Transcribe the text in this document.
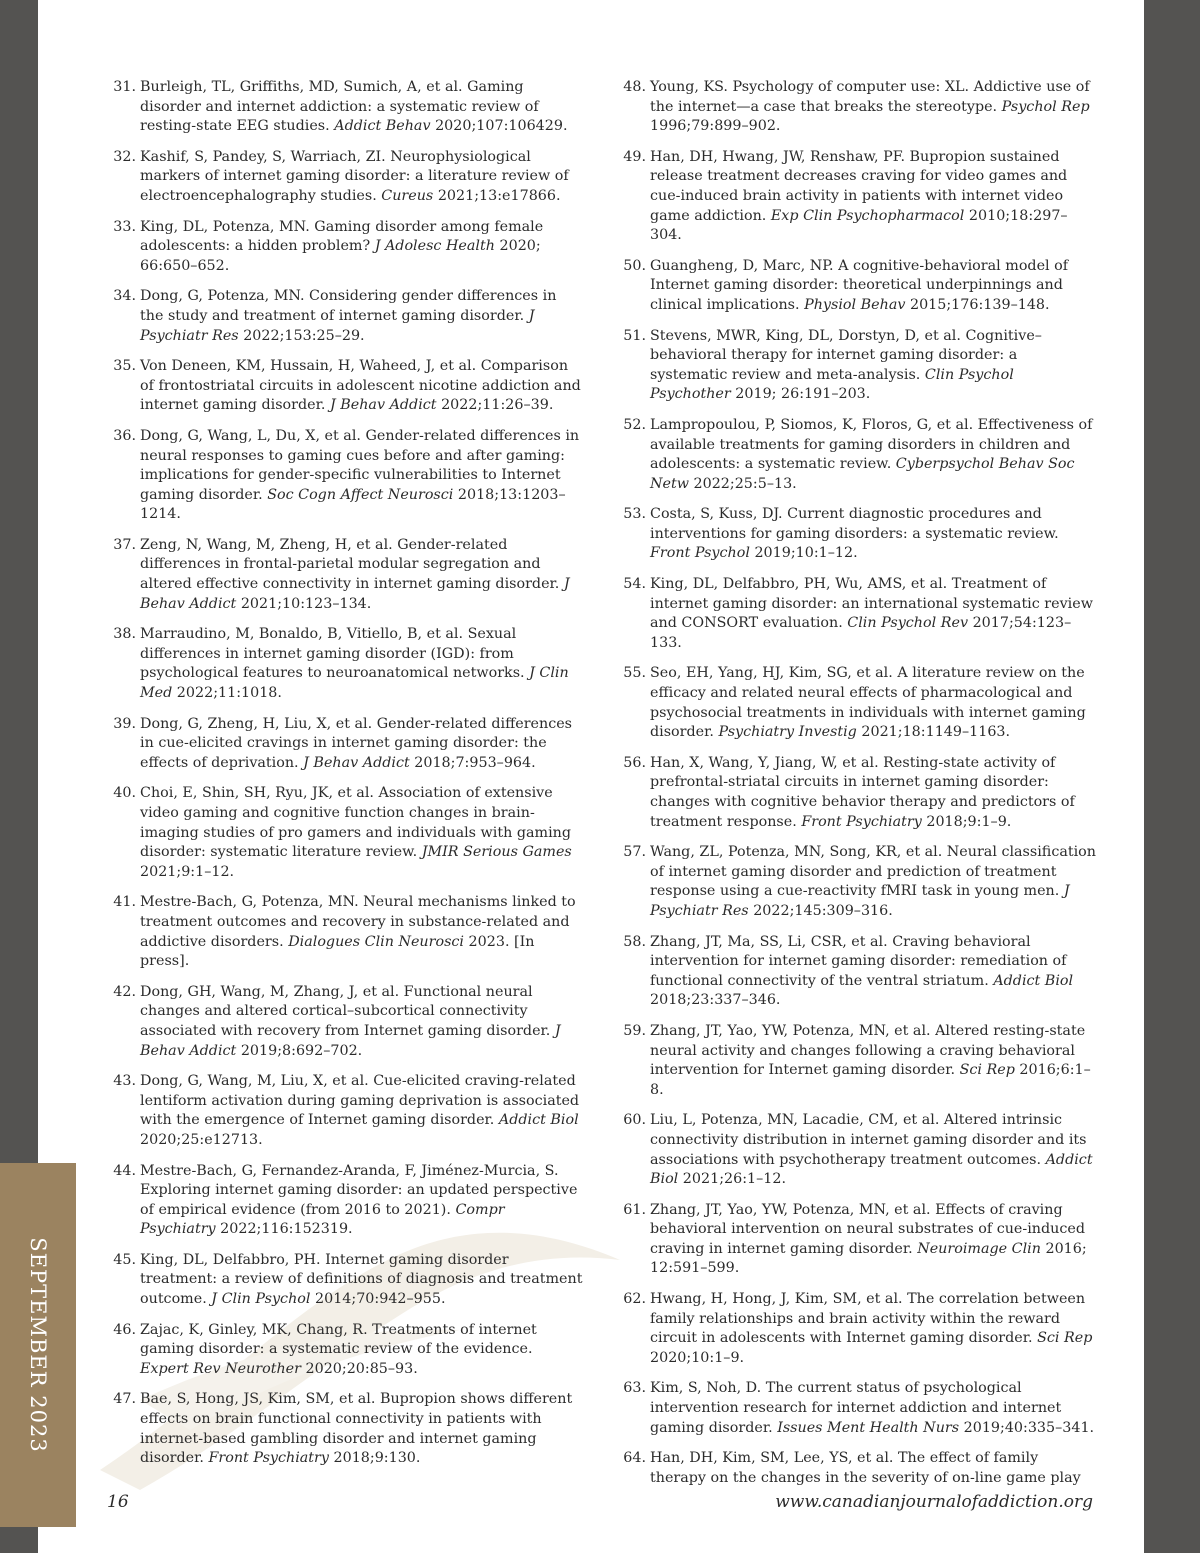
SEPTEMBER 2023
31. Burleigh, TL, Griffiths, MD, Sumich, A, et al. Gaming disorder and internet addiction: a systematic review of resting-state EEG studies. Addict Behav 2020;107:106429.
32. Kashif, S, Pandey, S, Warriach, ZI. Neurophysiological markers of internet gaming disorder: a literature review of electroencephalography studies. Cureus 2021;13:e17866.
33. King, DL, Potenza, MN. Gaming disorder among female adolescents: a hidden problem? J Adolesc Health 2020; 66:650–652.
34. Dong, G, Potenza, MN. Considering gender differences in the study and treatment of internet gaming disorder. J Psychiatr Res 2022;153:25–29.
35. Von Deneen, KM, Hussain, H, Waheed, J, et al. Comparison of frontostriatal circuits in adolescent nicotine addiction and internet gaming disorder. J Behav Addict 2022;11:26–39.
36. Dong, G, Wang, L, Du, X, et al. Gender-related differences in neural responses to gaming cues before and after gaming: implications for gender-specific vulnerabilities to Internet gaming disorder. Soc Cogn Affect Neurosci 2018;13:1203–1214.
37. Zeng, N, Wang, M, Zheng, H, et al. Gender-related differences in frontal-parietal modular segregation and altered effective connectivity in internet gaming disorder. J Behav Addict 2021;10:123–134.
38. Marraudino, M, Bonaldo, B, Vitiello, B, et al. Sexual differences in internet gaming disorder (IGD): from psychological features to neuroanatomical networks. J Clin Med 2022;11:1018.
39. Dong, G, Zheng, H, Liu, X, et al. Gender-related differences in cue-elicited cravings in internet gaming disorder: the effects of deprivation. J Behav Addict 2018;7:953–964.
40. Choi, E, Shin, SH, Ryu, JK, et al. Association of extensive video gaming and cognitive function changes in brain-imaging studies of pro gamers and individuals with gaming disorder: systematic literature review. JMIR Serious Games 2021;9:1–12.
41. Mestre-Bach, G, Potenza, MN. Neural mechanisms linked to treatment outcomes and recovery in substance-related and addictive disorders. Dialogues Clin Neurosci 2023. [In press].
42. Dong, GH, Wang, M, Zhang, J, et al. Functional neural changes and altered cortical–subcortical connectivity associated with recovery from Internet gaming disorder. J Behav Addict 2019;8:692–702.
43. Dong, G, Wang, M, Liu, X, et al. Cue-elicited craving-related lentiform activation during gaming deprivation is associated with the emergence of Internet gaming disorder. Addict Biol 2020;25:e12713.
44. Mestre-Bach, G, Fernandez-Aranda, F, Jiménez-Murcia, S. Exploring internet gaming disorder: an updated perspective of empirical evidence (from 2016 to 2021). Compr Psychiatry 2022;116:152319.
45. King, DL, Delfabbro, PH. Internet gaming disorder treatment: a review of definitions of diagnosis and treatment outcome. J Clin Psychol 2014;70:942–955.
46. Zajac, K, Ginley, MK, Chang, R. Treatments of internet gaming disorder: a systematic review of the evidence. Expert Rev Neurother 2020;20:85–93.
47. Bae, S, Hong, JS, Kim, SM, et al. Bupropion shows different effects on brain functional connectivity in patients with internet-based gambling disorder and internet gaming disorder. Front Psychiatry 2018;9:130.
48. Young, KS. Psychology of computer use: XL. Addictive use of the internet—a case that breaks the stereotype. Psychol Rep 1996;79:899–902.
49. Han, DH, Hwang, JW, Renshaw, PF. Bupropion sustained release treatment decreases craving for video games and cue-induced brain activity in patients with internet video game addiction. Exp Clin Psychopharmacol 2010;18:297–304.
50. Guangheng, D, Marc, NP. A cognitive-behavioral model of Internet gaming disorder: theoretical underpinnings and clinical implications. Physiol Behav 2015;176:139–148.
51. Stevens, MWR, King, DL, Dorstyn, D, et al. Cognitive–behavioral therapy for internet gaming disorder: a systematic review and meta-analysis. Clin Psychol Psychother 2019; 26:191–203.
52. Lampropoulou, P, Siomos, K, Floros, G, et al. Effectiveness of available treatments for gaming disorders in children and adolescents: a systematic review. Cyberpsychol Behav Soc Netw 2022;25:5–13.
53. Costa, S, Kuss, DJ. Current diagnostic procedures and interventions for gaming disorders: a systematic review. Front Psychol 2019;10:1–12.
54. King, DL, Delfabbro, PH, Wu, AMS, et al. Treatment of internet gaming disorder: an international systematic review and CONSORT evaluation. Clin Psychol Rev 2017;54:123–133.
55. Seo, EH, Yang, HJ, Kim, SG, et al. A literature review on the efficacy and related neural effects of pharmacological and psychosocial treatments in individuals with internet gaming disorder. Psychiatry Investig 2021;18:1149–1163.
56. Han, X, Wang, Y, Jiang, W, et al. Resting-state activity of prefrontal-striatal circuits in internet gaming disorder: changes with cognitive behavior therapy and predictors of treatment response. Front Psychiatry 2018;9:1–9.
57. Wang, ZL, Potenza, MN, Song, KR, et al. Neural classification of internet gaming disorder and prediction of treatment response using a cue-reactivity fMRI task in young men. J Psychiatr Res 2022;145:309–316.
58. Zhang, JT, Ma, SS, Li, CSR, et al. Craving behavioral intervention for internet gaming disorder: remediation of functional connectivity of the ventral striatum. Addict Biol 2018;23:337–346.
59. Zhang, JT, Yao, YW, Potenza, MN, et al. Altered resting-state neural activity and changes following a craving behavioral intervention for Internet gaming disorder. Sci Rep 2016;6:1–8.
60. Liu, L, Potenza, MN, Lacadie, CM, et al. Altered intrinsic connectivity distribution in internet gaming disorder and its associations with psychotherapy treatment outcomes. Addict Biol 2021;26:1–12.
61. Zhang, JT, Yao, YW, Potenza, MN, et al. Effects of craving behavioral intervention on neural substrates of cue-induced craving in internet gaming disorder. Neuroimage Clin 2016; 12:591–599.
62. Hwang, H, Hong, J, Kim, SM, et al. The correlation between family relationships and brain activity within the reward circuit in adolescents with Internet gaming disorder. Sci Rep 2020;10:1–9.
63. Kim, S, Noh, D. The current status of psychological intervention research for internet addiction and internet gaming disorder. Issues Ment Health Nurs 2019;40:335–341.
64. Han, DH, Kim, SM, Lee, YS, et al. The effect of family therapy on the changes in the severity of on-line game play
16	www.canadianjournalofaddiction.org
